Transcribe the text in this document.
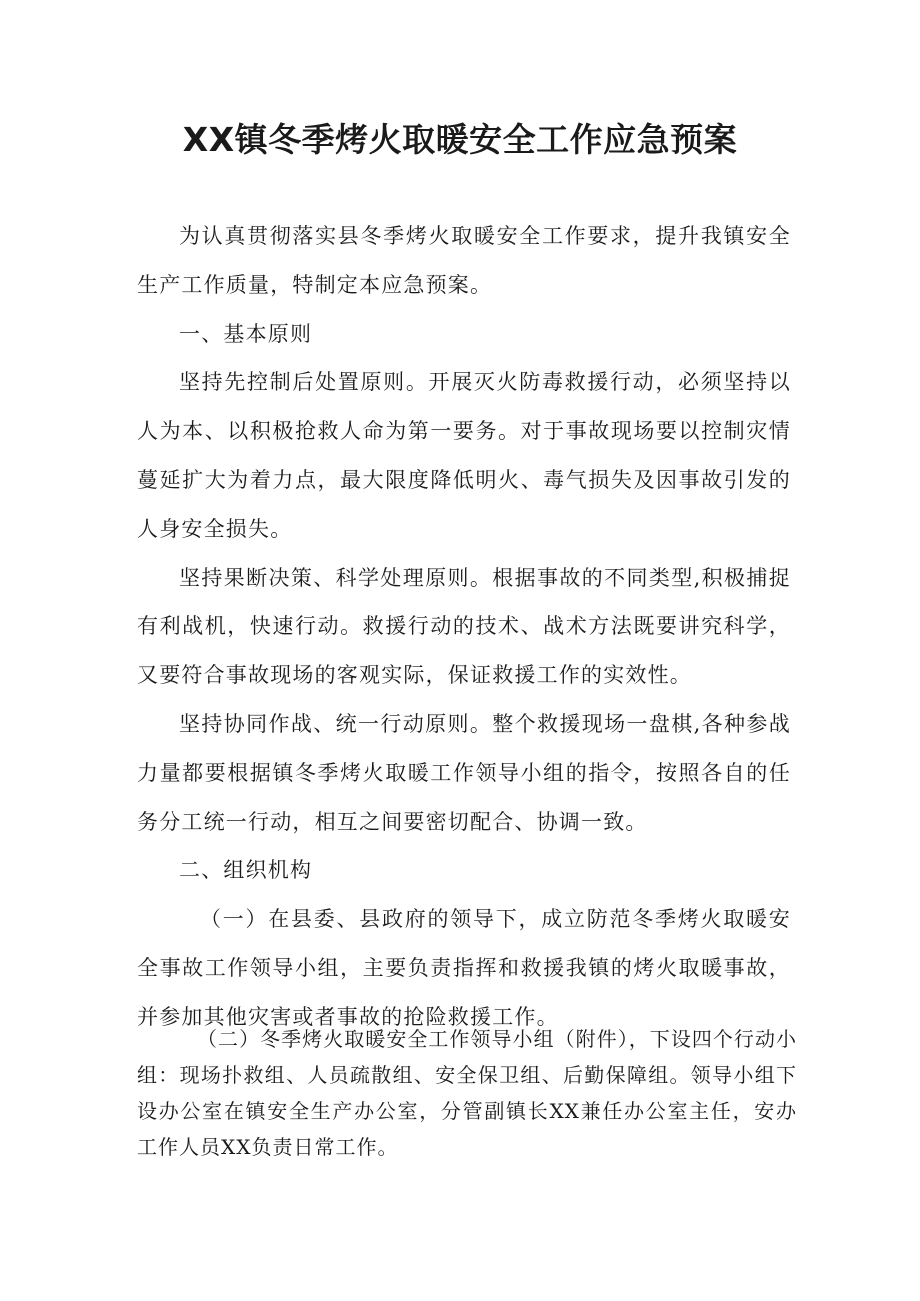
XX镇冬季烤火取暖安全工作应急预案

为认真贯彻落实县冬季烤火取暖安全工作要求，提升我镇安全生产工作质量，特制定本应急预案。

一、基本原则

坚持先控制后处置原则。开展灭火防毒救援行动，必须坚持以人为本、以积极抢救人命为第一要务。对于事故现场要以控制灾情蔓延扩大为着力点，最大限度降低明火、毒气损失及因事故引发的人身安全损失。

坚持果断决策、科学处理原则。根据事故的不同类型,积极捕捉有利战机，快速行动。救援行动的技术、战术方法既要讲究科学，又要符合事故现场的客观实际，保证救援工作的实效性。

坚持协同作战、统一行动原则。整个救援现场一盘棋,各种参战力量都要根据镇冬季烤火取暖工作领导小组的指令，按照各自的任务分工统一行动，相互之间要密切配合、协调一致。

二、组织机构

（一）在县委、县政府的领导下，成立防范冬季烤火取暖安全事故工作领导小组，主要负责指挥和救援我镇的烤火取暖事故，并参加其他灾害或者事故的抢险救援工作。

（二）冬季烤火取暖安全工作领导小组（附件），下设四个行动小组：现场扑救组、人员疏散组、安全保卫组、后勤保障组。领导小组下设办公室在镇安全生产办公室，分管副镇长XX兼任办公室主任，安办工作人员XX负责日常工作。
